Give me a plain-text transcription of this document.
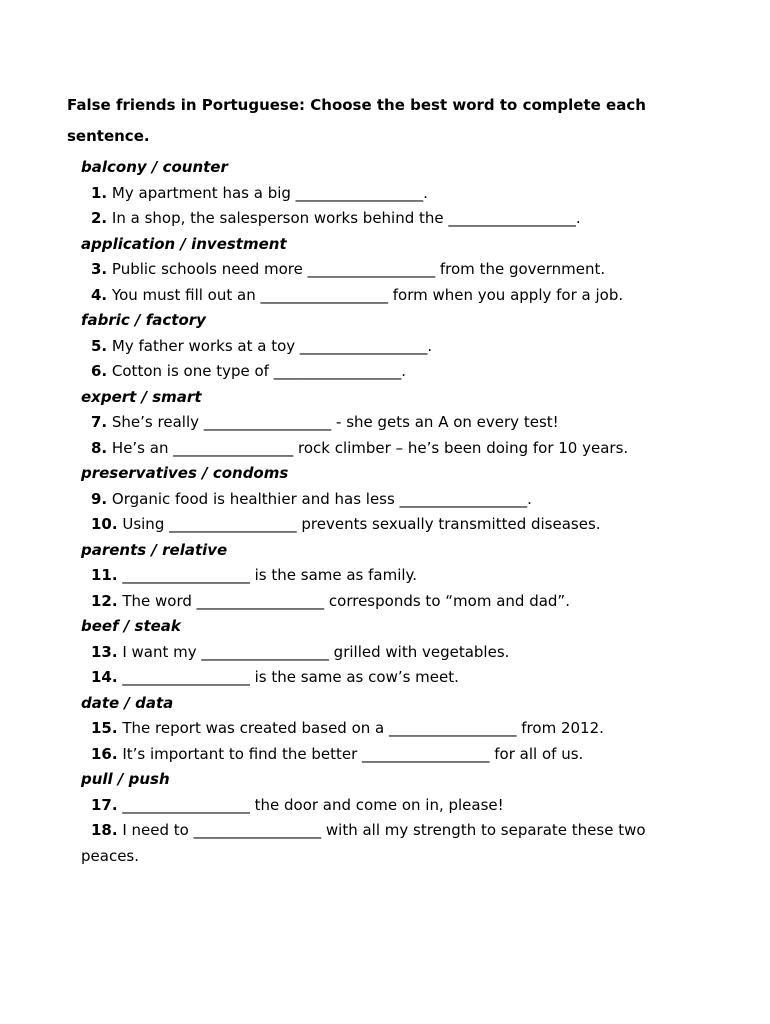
False friends in Portuguese: Choose the best word to complete each sentence.
balcony / counter
1. My apartment has a big _________________.
2. In a shop, the salesperson works behind the _________________.
application / investment
3. Public schools need more _________________ from the government.
4. You must fill out an _________________ form when you apply for a job.
fabric / factory
5. My father works at a toy _________________.
6. Cotton is one type of _________________.
expert / smart
7. She’s really _________________ - she gets an A on every test!
8. He’s an ________________ rock climber – he’s been doing for 10 years.
preservatives / condoms
9. Organic food is healthier and has less _________________.
10. Using _________________ prevents sexually transmitted diseases.
parents / relative
11. _________________ is the same as family.
12. The word _________________ corresponds to “mom and dad”.
beef / steak
13. I want my _________________ grilled with vegetables.
14. _________________ is the same as cow’s meet.
date / data
15. The report was created based on a _________________ from 2012.
16. It’s important to find the better _________________ for all of us.
pull / push
17. _________________ the door and come on in, please!
18. I need to _________________ with all my strength to separate these two peaces.
